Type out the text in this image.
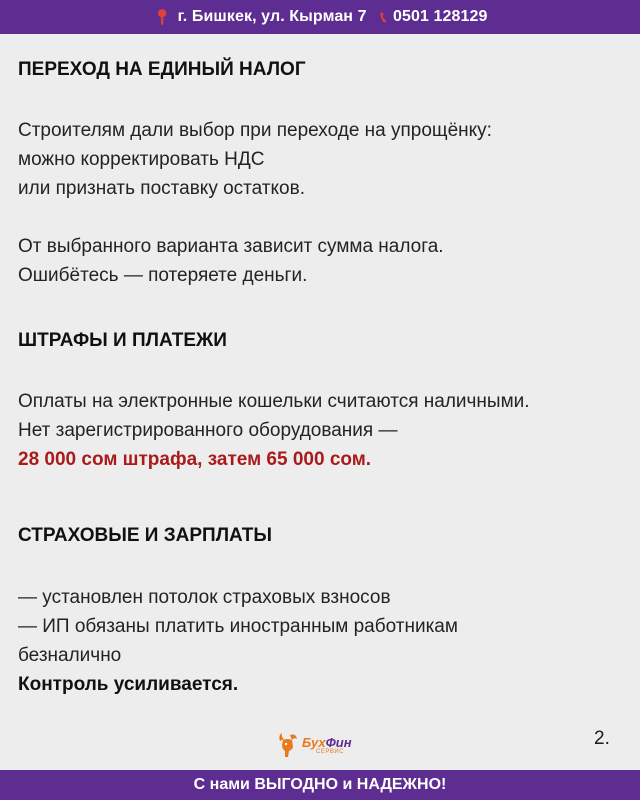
📍︎ г. Бишкек, ул. Кырман 7 📞︎ 0501 128129
ПЕРЕХОД НА ЕДИНЫЙ НАЛОГ
Строителям дали выбор при переходе на упрощёнку:
можно корректировать НДС
или признать поставку остатков.
От выбранного варианта зависит сумма налога.
Ошибётесь — потеряете деньги.
ШТРАФЫ И ПЛАТЕЖИ
Оплаты на электронные кошельки считаются наличными.
Нет зарегистрированного оборудования —
28 000 сом штрафа, затем 65 000 сом.
СТРАХОВЫЕ И ЗАРПЛАТЫ
— установлен потолок страховых взносов
— ИП обязаны платить иностранным работникам
безналично
Контроль усиливается.
БухФин
СЕРВИС
2.
С нами ВЫГОДНО и НАДЕЖНО!
